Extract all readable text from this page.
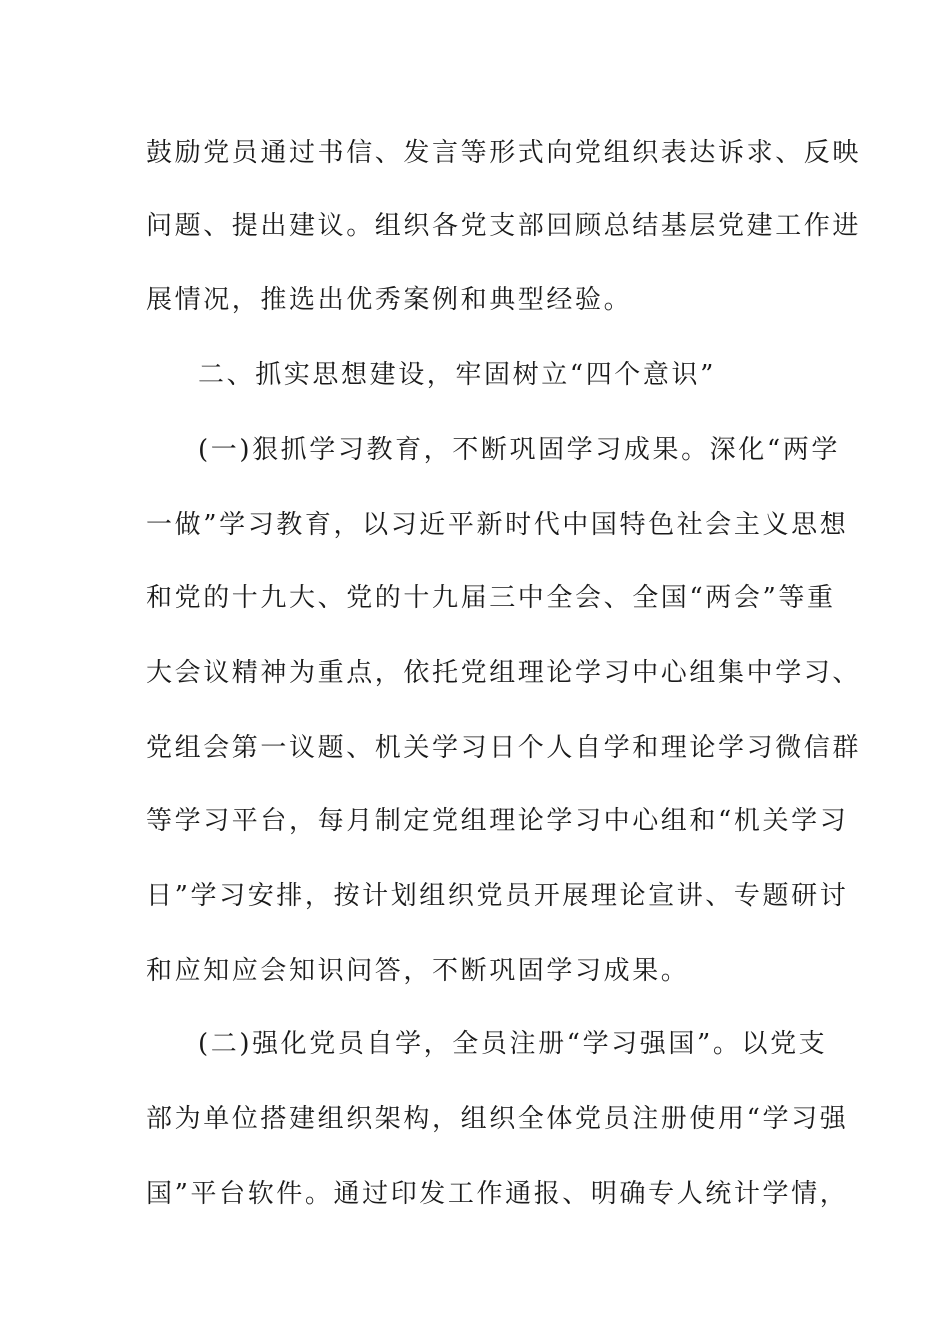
鼓励党员通过书信、发言等形式向党组织表达诉求、反映
问题、提出建议。组织各党支部回顾总结基层党建工作进
展情况，推选出优秀案例和典型经验。
二、抓实思想建设，牢固树立“四个意识”
(一)狠抓学习教育，不断巩固学习成果。深化“两学
一做”学习教育，以习近平新时代中国特色社会主义思想
和党的十九大、党的十九届三中全会、全国“两会”等重
大会议精神为重点，依托党组理论学习中心组集中学习、
党组会第一议题、机关学习日个人自学和理论学习微信群
等学习平台，每月制定党组理论学习中心组和“机关学习
日”学习安排，按计划组织党员开展理论宣讲、专题研讨
和应知应会知识问答，不断巩固学习成果。
(二)强化党员自学，全员注册“学习强国”。以党支
部为单位搭建组织架构，组织全体党员注册使用“学习强
国”平台软件。通过印发工作通报、明确专人统计学情，
